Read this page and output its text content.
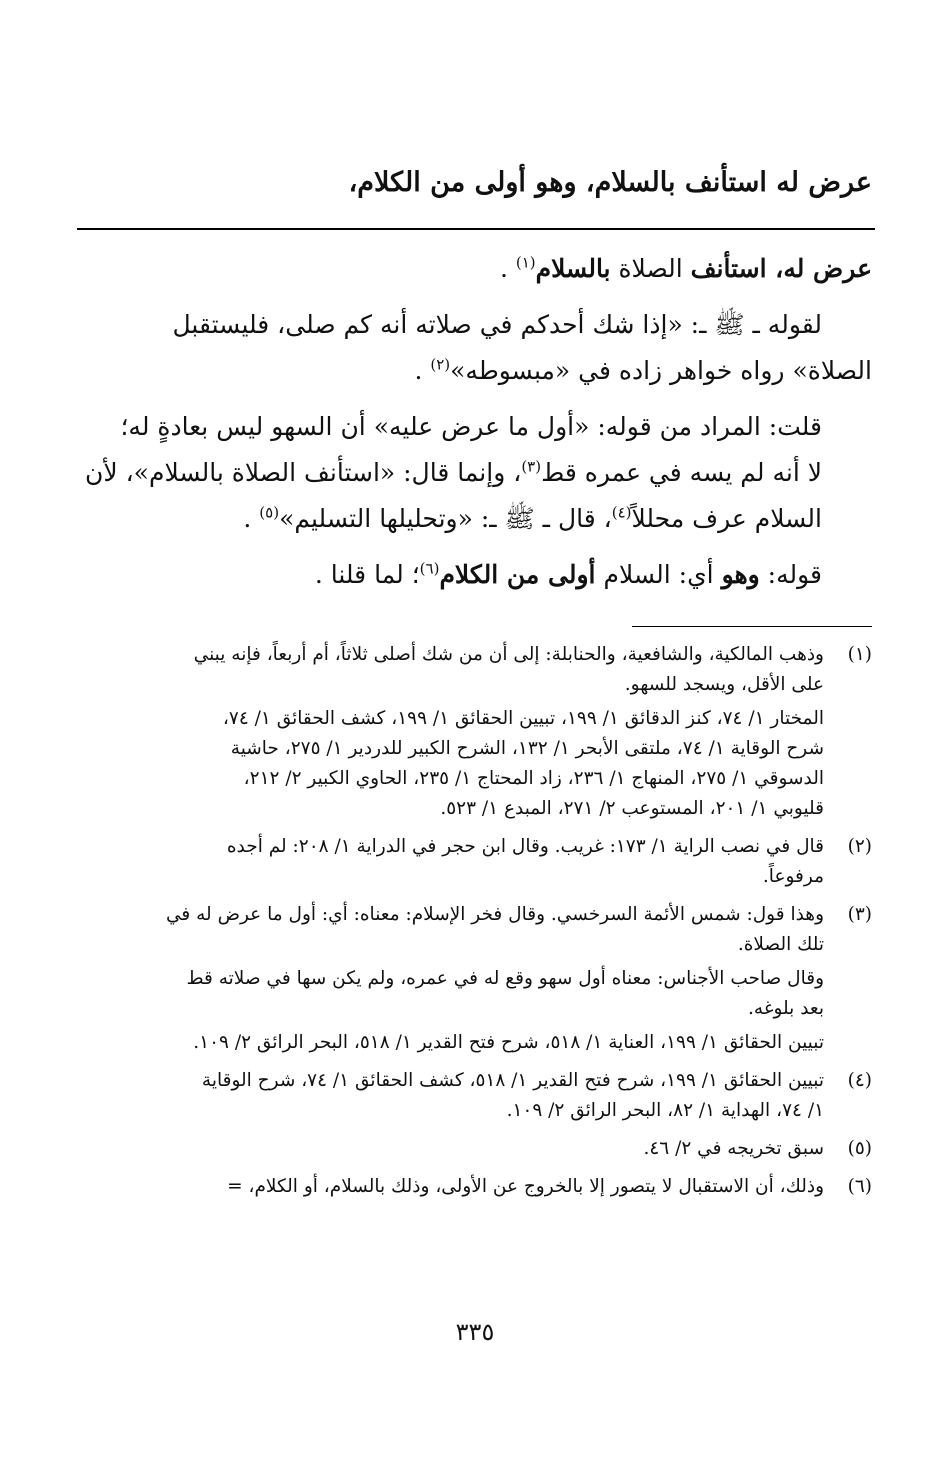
عرض له استأنف بالسلام، وهو أولى من الكلام،

عرض له، استأنف الصلاة بالسلام$^{(١)}$ .

لقوله ـ ﷺ ـ: «إذا شك أحدكم في صلاته أنه كم صلى، فليستقبل
الصلاة» رواه خواهر زاده في «مبسوطه»$^{(٢)}$ .

قلت: المراد من قوله: «أول ما عرض عليه» أن السهو ليس بعادةٍ له؛
لا أنه لم يسه في عمره قط$^{(٣)}$، وإنما قال: «استأنف الصلاة بالسلام»، لأن
السلام عرف محللاً$^{(٤)}$، قال ـ ﷺ ـ: «وتحليلها التسليم»$^{(٥)}$ .

قوله: وهو أي: السلام أولى من الكلام$^{(٦)}$؛ لما قلنا .

(١)
وذهب المالكية، والشافعية، والحنابلة: إلى أن من شك أصلى ثلاثاً، أم أربعاً، فإنه يبني
على الأقل، ويسجد للسهو.
المختار ١/ ٧٤، كنز الدقائق ١/ ١٩٩، تبيين الحقائق ١/ ١٩٩، كشف الحقائق ١/ ٧٤،
شرح الوقاية ١/ ٧٤، ملتقى الأبحر ١/ ١٣٢، الشرح الكبير للدردير ١/ ٢٧٥، حاشية
الدسوقي ١/ ٢٧٥، المنهاج ١/ ٢٣٦، زاد المحتاج ١/ ٢٣٥، الحاوي الكبير ٢/ ٢١٢،
قليوبي ١/ ٢٠١، المستوعب ٢/ ٢٧١، المبدع ١/ ٥٢٣.
(٢)
قال في نصب الراية ١/ ١٧٣: غريب. وقال ابن حجر في الدراية ١/ ٢٠٨: لم أجده
مرفوعاً.
(٣)
وهذا قول: شمس الأئمة السرخسي. وقال فخر الإسلام: معناه: أي: أول ما عرض له في
تلك الصلاة.
وقال صاحب الأجناس: معناه أول سهو وقع له في عمره، ولم يكن سها في صلاته قط
بعد بلوغه.
تبيين الحقائق ١/ ١٩٩، العناية ١/ ٥١٨، شرح فتح القدير ١/ ٥١٨، البحر الرائق ٢/ ١٠٩.
(٤)
تبيين الحقائق ١/ ١٩٩، شرح فتح القدير ١/ ٥١٨، كشف الحقائق ١/ ٧٤، شرح الوقاية
١/ ٧٤، الهداية ١/ ٨٢، البحر الرائق ٢/ ١٠٩.
(٥)
سبق تخريجه في ٢/ ٤٦.
(٦)
وذلك، أن الاستقبال لا يتصور إلا بالخروج عن الأولى، وذلك بالسلام، أو الكلام، =
٣٣٥
